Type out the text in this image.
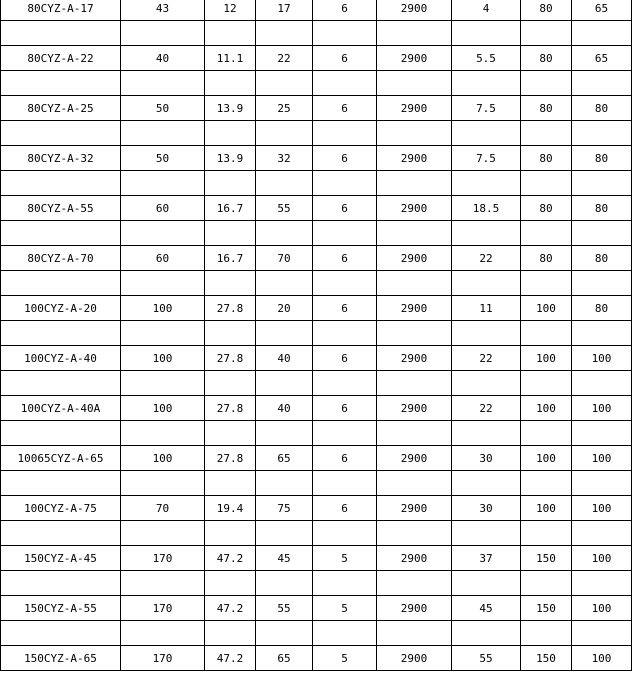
80CYZ-A-17	43	12	17	6	2900	4	80	65

80CYZ-A-22	40	11.1	22	6	2900	5.5	80	65

80CYZ-A-25	50	13.9	25	6	2900	7.5	80	80

80CYZ-A-32	50	13.9	32	6	2900	7.5	80	80

80CYZ-A-55	60	16.7	55	6	2900	18.5	80	80

80CYZ-A-70	60	16.7	70	6	2900	22	80	80

100CYZ-A-20	100	27.8	20	6	2900	11	100	80

100CYZ-A-40	100	27.8	40	6	2900	22	100	100

100CYZ-A-40A	100	27.8	40	6	2900	22	100	100

10065CYZ-A-65	100	27.8	65	6	2900	30	100	100

100CYZ-A-75	70	19.4	75	6	2900	30	100	100

150CYZ-A-45	170	47.2	45	5	2900	37	150	100

150CYZ-A-55	170	47.2	55	5	2900	45	150	100

150CYZ-A-65	170	47.2	65	5	2900	55	150	100
